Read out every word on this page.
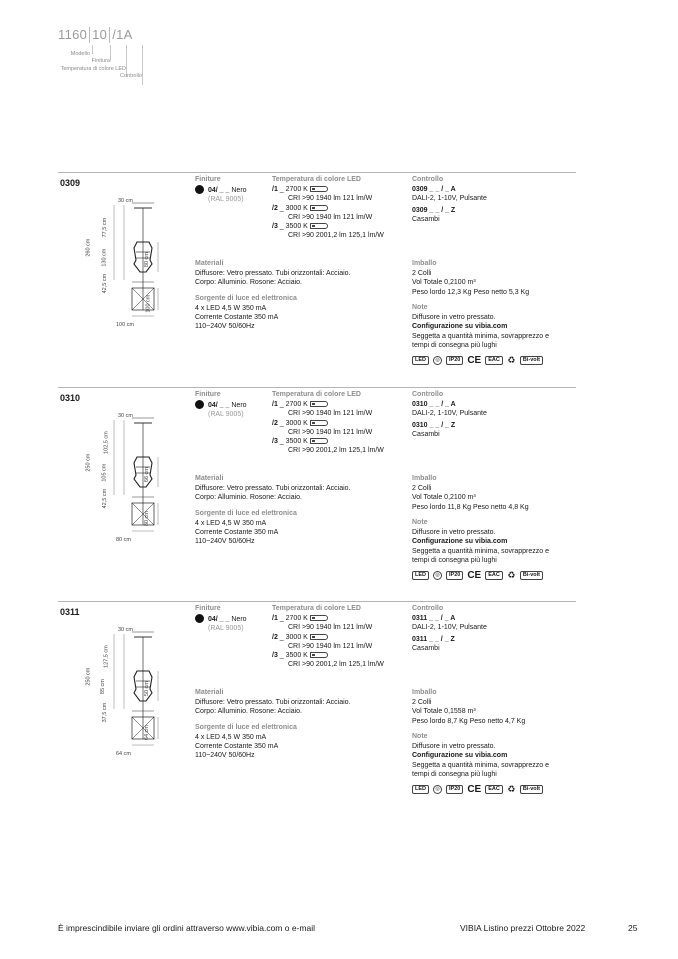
1160 10 /1A
Modello
Finitura
Temperatura di colore LED
Controllo
0309
30 cm
260 cm
77,5 cm
130 cm
42,5 cm
80 cm
100 cm
100 cm
Finiture
04/ _ _ Nero
(RAL 9005)
Temperatura di colore LED
/1 _ 2700 K
CRI >90 1940 lm 121 lm/W
/2 _ 3000 K
CRI >90 1940 lm 121 lm/W
/3 _ 3500 K
CRI >90 2001,2 lm 125,1 lm/W
Controllo
0309 _ _ / _ A
DALI-2, 1-10V, Pulsante
0309 _ _ / _ Z
Casambi
Materiali
Diffusore: Vetro pressato. Tubi orizzontali: Acciaio.
Corpo: Alluminio. Rosone: Acciaio.
Sorgente di luce ed elettronica
4 x LED 4,5 W 350 mA
Corrente Costante 350 mA
110~240V 50/60Hz
Imballo
2 Colli
Vol Totale 0,2100 m³
Peso lordo 12,3 Kg Peso netto 5,3 Kg
Note
Diffusore in vetro pressato.
Configurazione su vibia.com
Seggetta a quantità minima, sovrapprezzo e
tempi di consegna più lughi
LED	◎	IP20 CE	EAC ♻	Bi-volt
0310
30 cm
250 cm
102,5 cm
105 cm
42,5 cm
66 cm
80 cm
80 cm
Finiture
04/ _ _ Nero
(RAL 9005)
Temperatura di colore LED
/1 _ 2700 K
CRI >90 1940 lm 121 lm/W
/2 _ 3000 K
CRI >90 1940 lm 121 lm/W
/3 _ 3500 K
CRI >90 2001,2 lm 125,1 lm/W
Controllo
0310 _ _ / _ A
DALI-2, 1-10V, Pulsante
0310 _ _ / _ Z
Casambi
Materiali
Diffusore: Vetro pressato. Tubi orizzontali: Acciaio.
Corpo: Alluminio. Rosone: Acciaio.
Sorgente di luce ed elettronica
4 x LED 4,5 W 350 mA
Corrente Costante 350 mA
110~240V 50/60Hz
Imballo
2 Colli
Vol Totale 0,2100 m³
Peso lordo 11,8 Kg Peso netto 4,8 Kg
Note
Diffusore in vetro pressato.
Configurazione su vibia.com
Seggetta a quantità minima, sovrapprezzo e
tempi di consegna più lughi
LED	◎	IP20 CE	EAC ♻	Bi-volt
0311
30 cm
250 cm
127,5 cm
85 cm
37,5 cm
50 cm
64 cm
64 cm
Finiture
04/ _ _ Nero
(RAL 9005)
Temperatura di colore LED
/1 _ 2700 K
CRI >90 1940 lm 121 lm/W
/2 _ 3000 K
CRI >90 1940 lm 121 lm/W
/3 _ 3500 K
CRI >90 2001,2 lm 125,1 lm/W
Controllo
0311 _ _ / _ A
DALI-2, 1-10V, Pulsante
0311 _ _ / _ Z
Casambi
Materiali
Diffusore: Vetro pressato. Tubi orizzontali: Acciaio.
Corpo: Alluminio. Rosone: Acciaio.
Sorgente di luce ed elettronica
4 x LED 4,5 W 350 mA
Corrente Costante 350 mA
110~240V 50/60Hz
Imballo
2 Colli
Vol Totale 0,1558 m³
Peso lordo 8,7 Kg Peso netto 4,7 Kg
Note
Diffusore in vetro pressato.
Configurazione su vibia.com
Seggetta a quantità minima, sovrapprezzo e
tempi di consegna più lughi
LED	◎	IP20 CE	EAC ♻	Bi-volt
È imprescindibile inviare gli ordini attraverso www.vibia.com o e-mail	VIBIA Listino prezzi Ottobre 2022	25
